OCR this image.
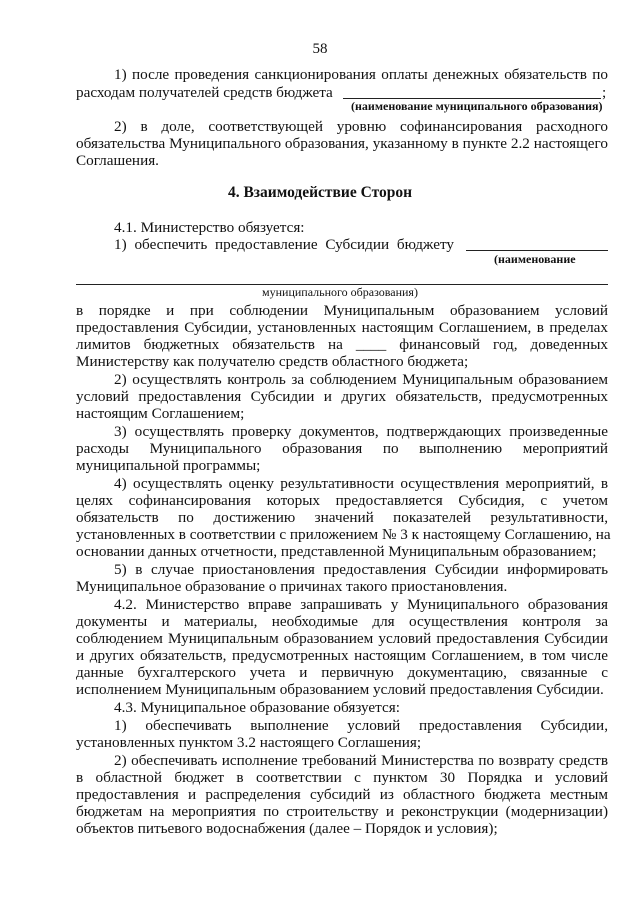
58
1) после проведения санкционирования оплаты денежных обязательств по
расходам получателей средств бюджета	;
(наименование муниципального образования)
2) в доле, соответствующей уровню софинансирования расходного
обязательства Муниципального образования, указанному в пункте 2.2 настоящего
Соглашения.
4. Взаимодействие Сторон
4.1. Министерство обязуется:
1) обеспечить предоставление Субсидии бюджету
(наименование
муниципального образования)
в порядке и при соблюдении Муниципальным образованием условий
предоставления Субсидии, установленных настоящим Соглашением, в пределах
лимитов бюджетных обязательств на ____ финансовый год, доведенных
Министерству как получателю средств областного бюджета;
2) осуществлять контроль за соблюдением Муниципальным образованием
условий предоставления Субсидии и других обязательств, предусмотренных
настоящим Соглашением;
3) осуществлять проверку документов, подтверждающих произведенные
расходы Муниципального образования по выполнению мероприятий
муниципальной программы;
4) осуществлять оценку результативности осуществления мероприятий, в
целях софинансирования которых предоставляется Субсидия, с учетом
обязательств по достижению значений показателей результативности,
установленных в соответствии с приложением № 3 к настоящему Соглашению, на
основании данных отчетности, представленной Муниципальным образованием;
5) в случае приостановления предоставления Субсидии информировать
Муниципальное образование о причинах такого приостановления.
4.2. Министерство вправе запрашивать у Муниципального образования
документы и материалы, необходимые для осуществления контроля за
соблюдением Муниципальным образованием условий предоставления Субсидии
и других обязательств, предусмотренных настоящим Соглашением, в том числе
данные бухгалтерского учета и первичную документацию, связанные с
исполнением Муниципальным образованием условий предоставления Субсидии.
4.3. Муниципальное образование обязуется:
1) обеспечивать выполнение условий предоставления Субсидии,
установленных пунктом 3.2 настоящего Соглашения;
2) обеспечивать исполнение требований Министерства по возврату средств
в областной бюджет в соответствии с пунктом 30 Порядка и условий
предоставления и распределения субсидий из областного бюджета местным
бюджетам на мероприятия по строительству и реконструкции (модернизации)
объектов питьевого водоснабжения (далее – Порядок и условия);
